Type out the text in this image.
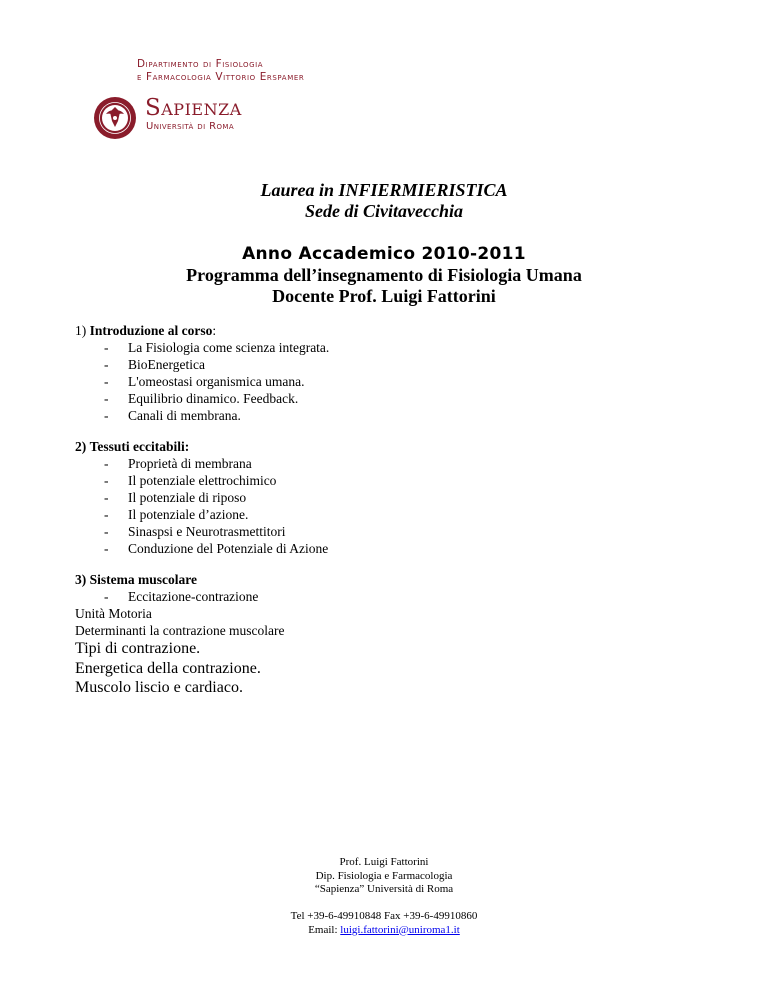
Dipartimento di Fisiologia
e Farmacologia Vittorio Erspamer
Sapienza
Università di Roma
Laurea in INFIERMIERISTICA
Sede di Civitavecchia
Anno Accademico 2010-2011
Programma dell’insegnamento di Fisiologia Umana
Docente Prof. Luigi Fattorini
1) Introduzione al corso:
- La Fisiologia come scienza integrata.
- BioEnergetica
- L'omeostasi organismica umana.
- Equilibrio dinamico. Feedback.
- Canali di membrana.
2) Tessuti eccitabili:
- Proprietà di membrana
- Il potenziale elettrochimico
- Il potenziale di riposo
- Il potenziale d’azione.
- Sinaspsi e Neurotrasmettitori
- Conduzione del Potenziale di Azione
3) Sistema muscolare
- Eccitazione-contrazione
Unità Motoria
Determinanti la contrazione muscolare
Tipi di contrazione.
Energetica della contrazione.
Muscolo liscio e cardiaco.
Prof. Luigi Fattorini
Dip. Fisiologia e Farmacologia
“Sapienza” Università di Roma
Tel +39-6-49910848 Fax +39-6-49910860
Email: luigi.fattorini@uniroma1.it
